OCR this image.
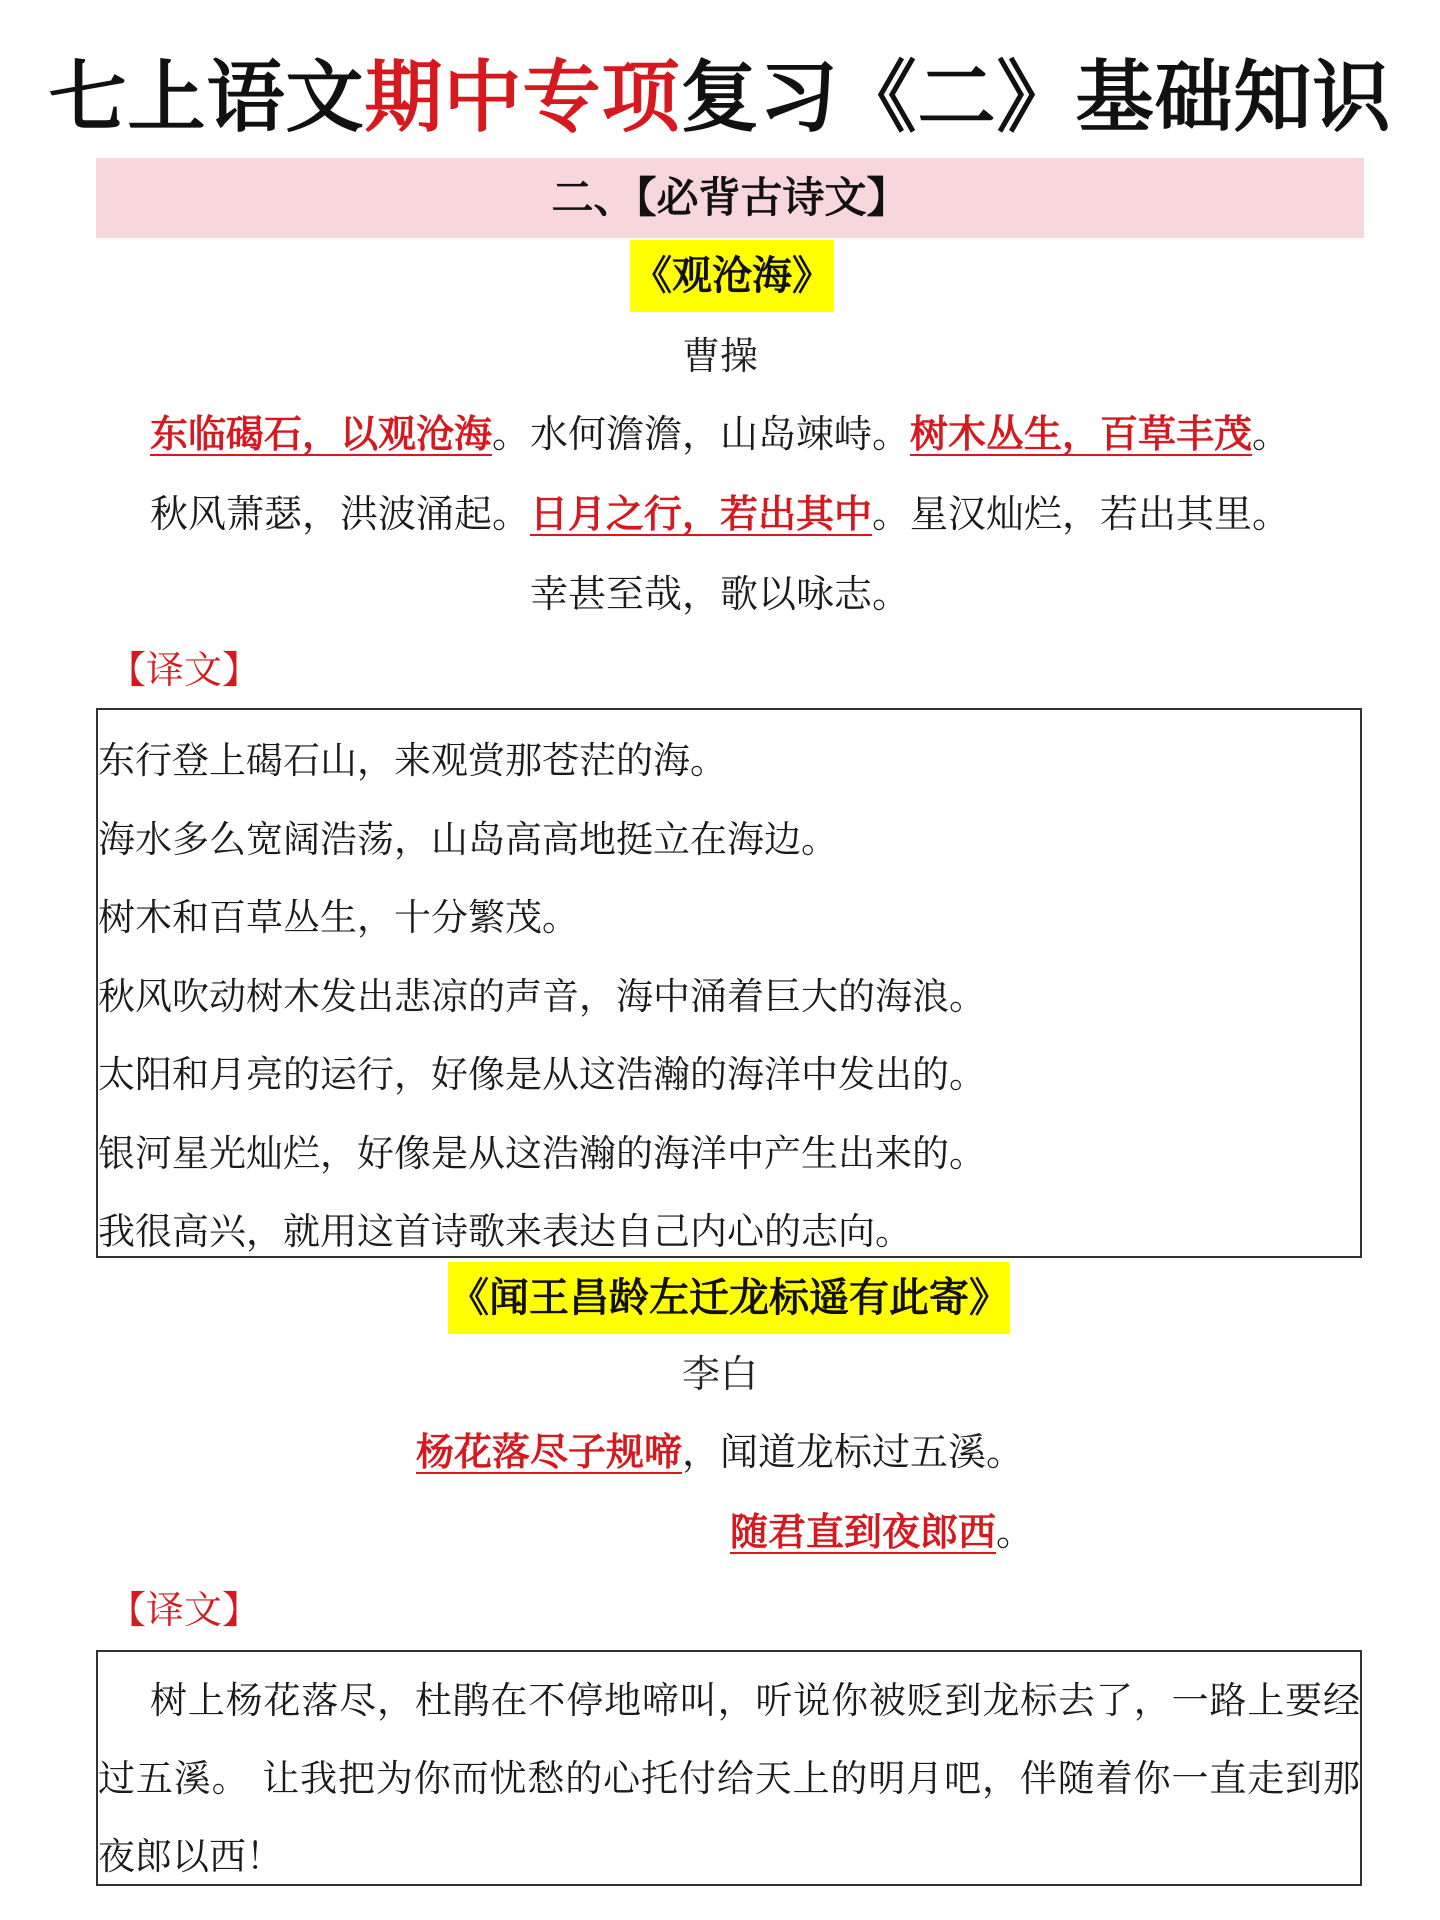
七上语文期中专项复习《二》基础知识
二、【必背古诗文】
《观沧海》
曹操
东临碣石，以观沧海。水何澹澹，山岛竦峙。树木丛生，百草丰茂。
秋风萧瑟，洪波涌起。日月之行，若出其中。星汉灿烂，若出其里。
幸甚至哉，歌以咏志。
【译文】
东行登上碣石山，来观赏那苍茫的海。
海水多么宽阔浩荡，山岛高高地挺立在海边。
树木和百草丛生，十分繁茂。
秋风吹动树木发出悲凉的声音，海中涌着巨大的海浪。
太阳和月亮的运行，好像是从这浩瀚的海洋中发出的。
银河星光灿烂，好像是从这浩瀚的海洋中产生出来的。
我很高兴，就用这首诗歌来表达自己内心的志向。
《闻王昌龄左迁龙标遥有此寄》
李白
杨花落尽子规啼，闻道龙标过五溪。
随君直到夜郎西。
【译文】

树上杨花落尽，杜鹃在不停地啼叫，听说你被贬到龙标去了，一路上要经过五溪。 让我把为你而忧愁的心托付给天上的明月吧，伴随着你一直走到那夜郎以西！
